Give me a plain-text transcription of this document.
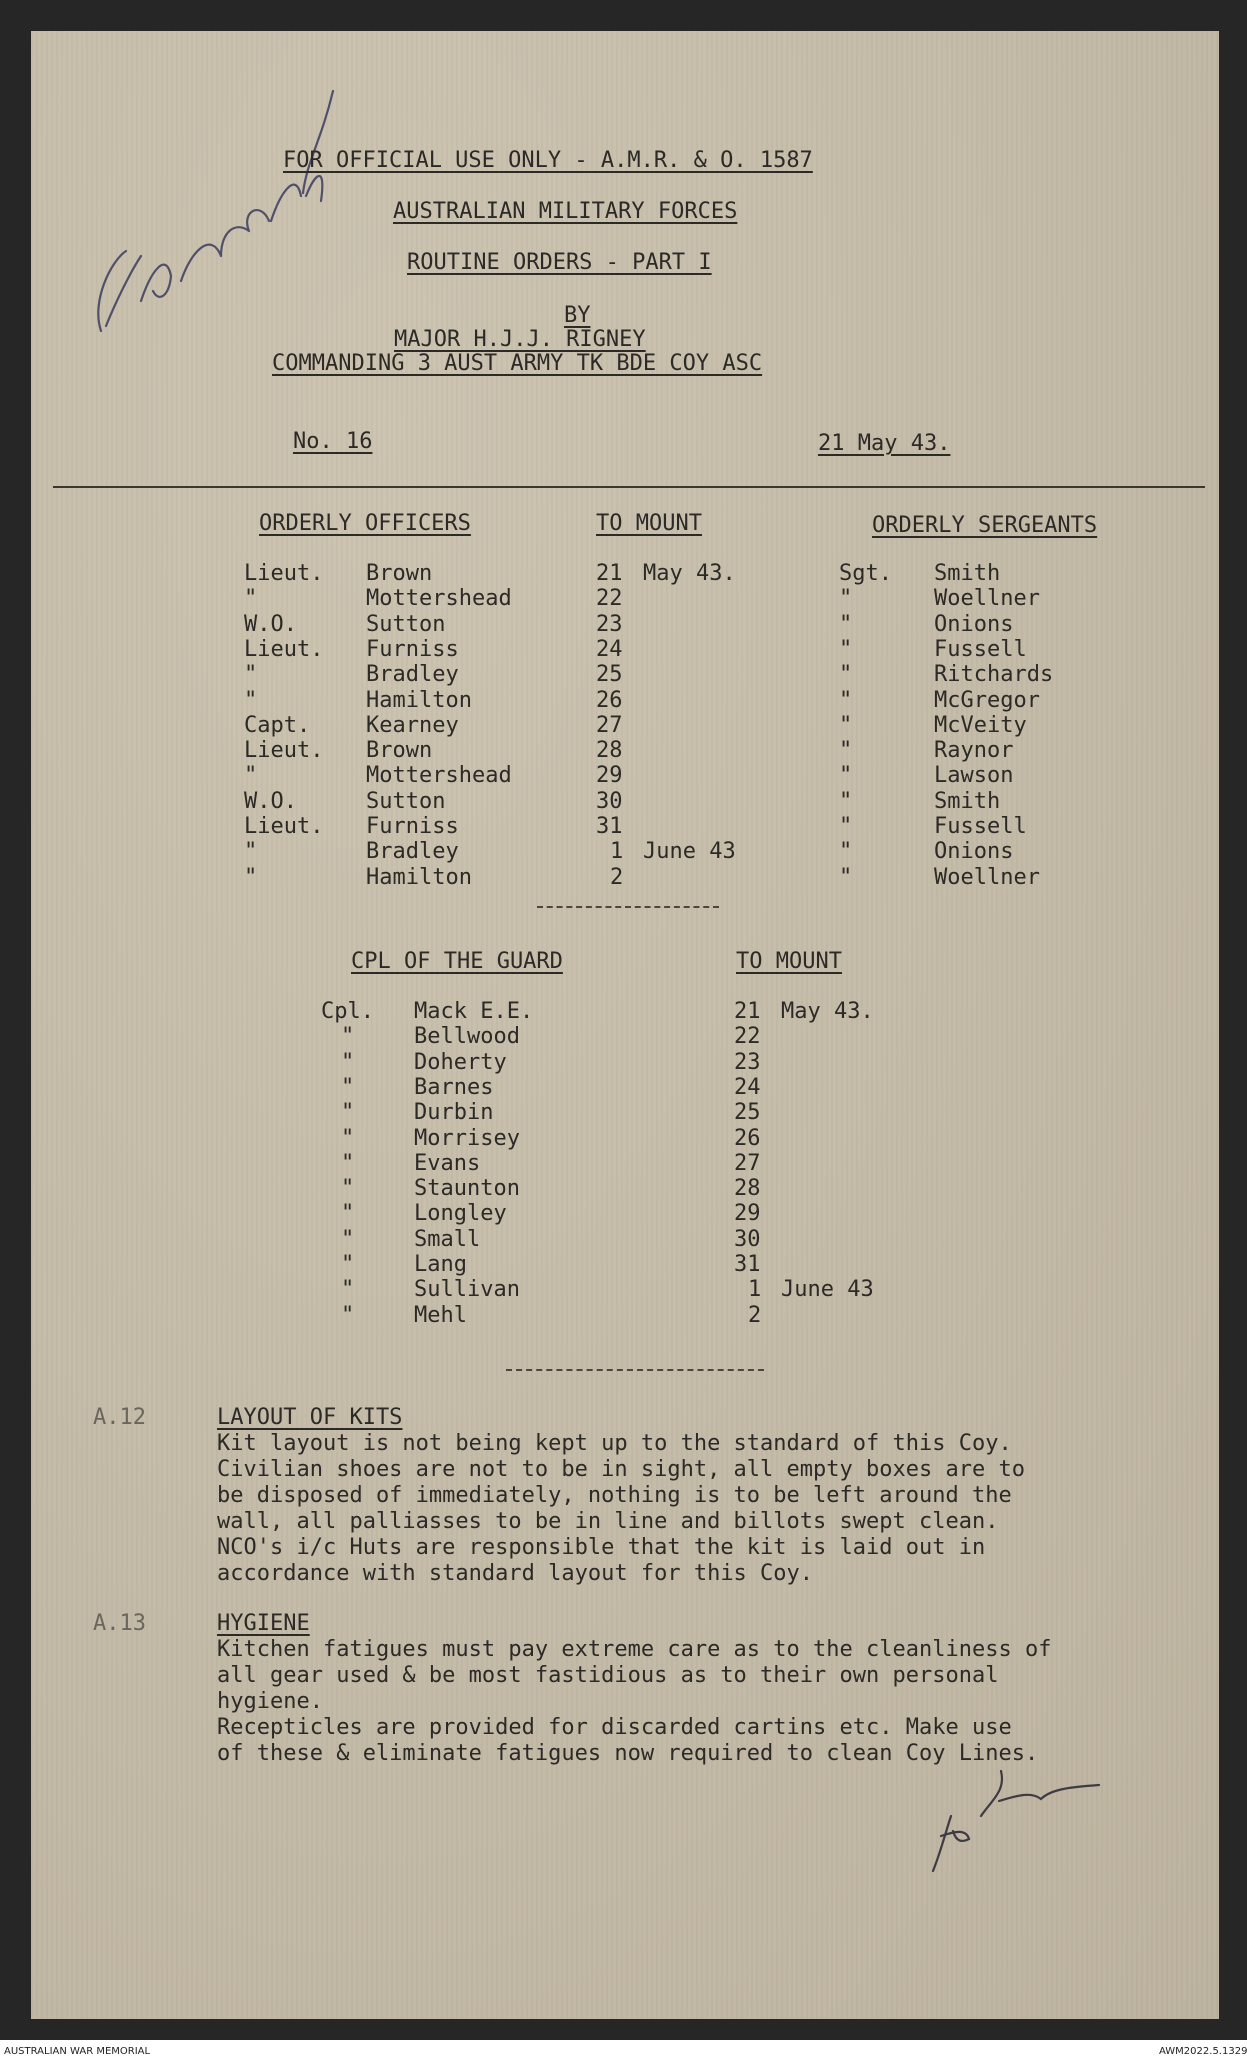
FOR OFFICIAL USE ONLY - A.M.R. & O. 1587
AUSTRALIAN MILITARY FORCES
ROUTINE ORDERS - PART I
BY
MAJOR H.J.J. RIGNEY
COMMANDING 3 AUST ARMY TK BDE COY ASC
No. 16	21 May 43.
ORDERLY OFFICERS	TO MOUNT	ORDERLY SERGEANTS
Lieut. Brown	21 May 43.	Sgt. Smith
"	Mottershead	22	"	Woellner
W.O.	Sutton	23	"	Onions
Lieut. Furniss	24	"	Fussell
"	Bradley	25	"	Ritchards
"	Hamilton	26	"	McGregor
Capt.	Kearney	27	"	McVeity
Lieut. Brown	28	"	Raynor
"	Mottershead	29	"	Lawson
W.O.	Sutton	30	"	Smith
Lieut. Furniss	31	"	Fussell
"	Bradley	1 June 43	"	Onions
"	Hamilton	2	"	Woellner
CPL OF THE GUARD	TO MOUNT
Cpl. Mack E.E.	21 May 43.
"	Bellwood	22
"	Doherty	23
"	Barnes	24
"	Durbin	25
"	Morrisey	26
"	Evans	27
"	Staunton	28
"	Longley	29
"	Small	30
"	Lang	31
"	Sullivan	1 June 43
"	Mehl	2
A.12	LAYOUT OF KITS
Kit layout is not being kept up to the standard of this Coy.
Civilian shoes are not to be in sight, all empty boxes are to
be disposed of immediately, nothing is to be left around the
wall, all palliasses to be in line and billots swept clean.
NCO's i/c Huts are responsible that the kit is laid out in
accordance with standard layout for this Coy.
A.13	HYGIENE
Kitchen fatigues must pay extreme care as to the cleanliness of
all gear used & be most fastidious as to their own personal
hygiene.
Recepticles are provided for discarded cartins etc. Make use
of these & eliminate fatigues now required to clean Coy Lines.
AUSTRALIAN WAR MEMORIAL	AWM2022.5.1329
